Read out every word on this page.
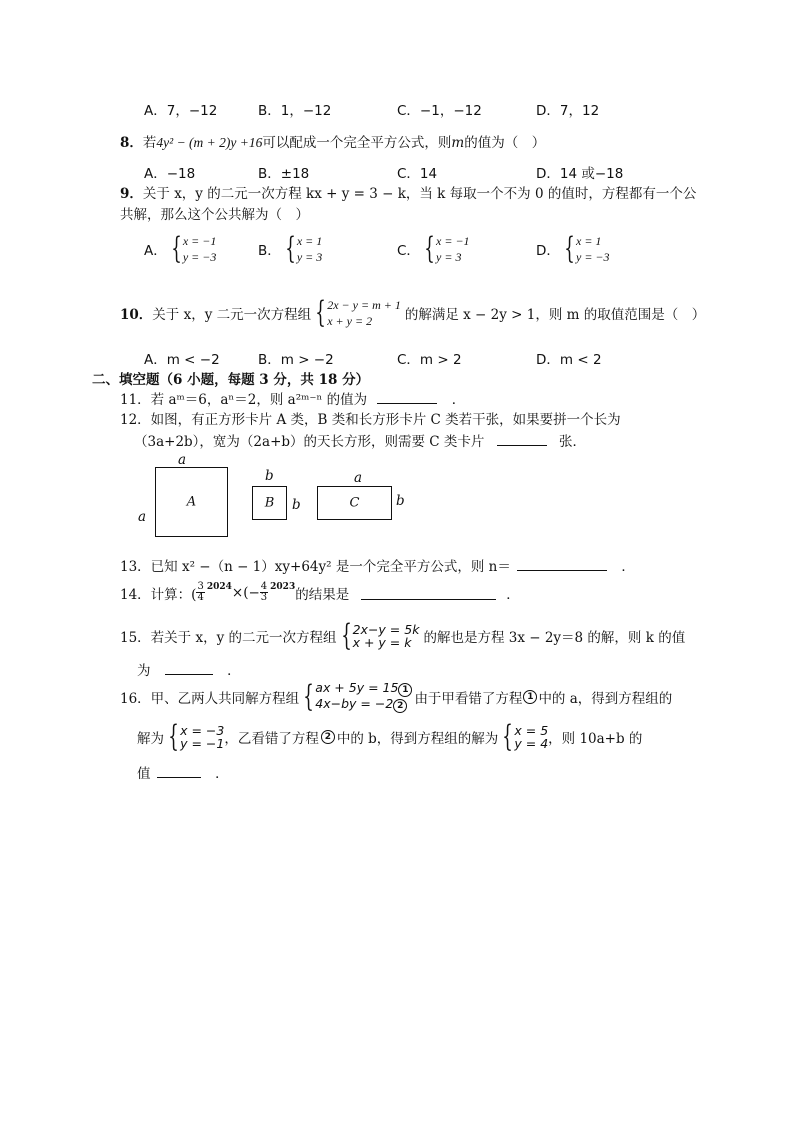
A．7，−12	B．1，−12	C．−1，−12	D．7，12
8．若4y² − (m + 2)y +16可以配成一个完全平方公式，则m的值为（　）
A．−18	B．±18	C．14	D．14 或−18
9．关于 x，y 的二元一次方程 kx + y = 3 − k，当 k 每取一个不为 0 的值时，方程都有一个公
共解，那么这个公共解为（　）
A． { x = −1
y = −3	B． { x = 1
y = 3	C． { x = −1
y = 3	D． { x = 1
y = −3
10． 关于 x，y 二元一次方程组 { 2x − y = m + 1
x + y = 2	的解满足 x − 2y > 1，则 m 的取值范围是（　）
A．m < −2	B．m > −2	C．m > 2	D．m < 2
二、填空题（6 小题，每题 3 分，共 18 分）
11．若 aᵐ＝6，aⁿ＝2，则 a²ᵐ⁻ⁿ 的值为	．
12．如图，有正方形卡片 A 类，B 类和长方形卡片 C 类若干张，如果要拼一个长为
（3a+2b），宽为（2a+b）的天长方形，则需要 C 类卡片	张．
a
a
A
b
B	b
a
C	b
13．已知 x² −（n − 1）xy+64y² 是一个完全平方公式，则 n＝	．
14．计算：( $\frac{3}{4}^{2024}$ ×(− $\frac{4}{3}^{2023}$ 的结果是	．
15．若关于 x，y 的二元一次方程组 { 2x−y = 5k
x + y = k 的解也是方程 3x − 2y＝8 的解，则 k 的值
为	．
16．甲、乙两人共同解方程组 { ax + 5y = 15 1
4x−by = −2 2 由于甲看错了方程 1 中的 a，得到方程组的
解为 { x = −3
y = −1 ，乙看错了方程 2 中的 b，得到方程组的解为 { x = 5
y = 4 ，则 10a+b 的
值	．
